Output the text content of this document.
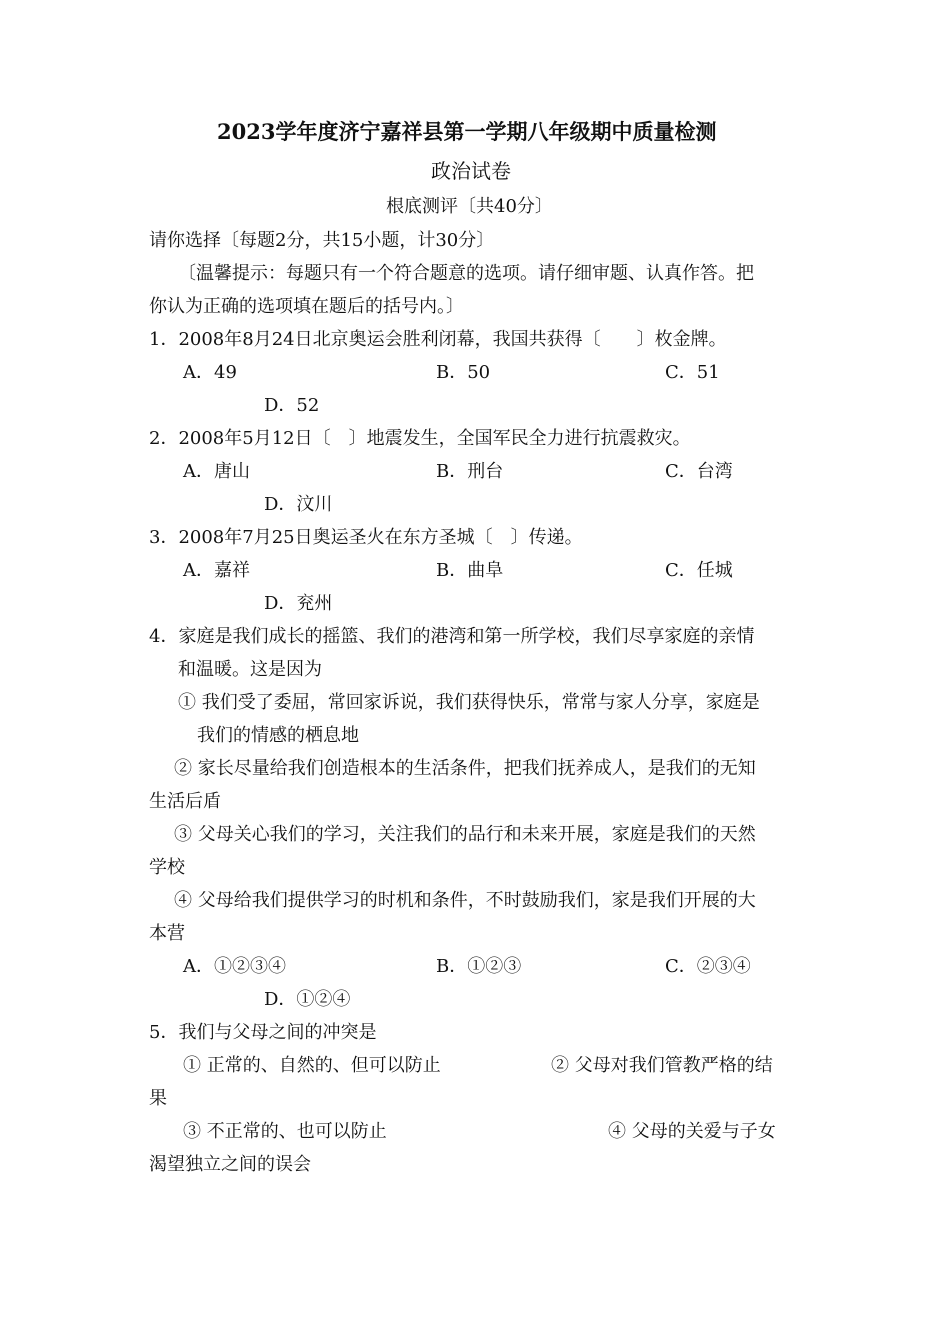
2023学年度济宁嘉祥县第一学期八年级期中质量检测
政治试卷
根底测评〔共40分〕
请你选择〔每题2分，共15小题，计30分〕
〔温馨提示：每题只有一个符合题意的选项。请仔细审题、认真作答。把
你认为正确的选项填在题后的括号内。〕
1．2008年8月24日北京奥运会胜利闭幕，我国共获得〔　　〕枚金牌。
A．49	B．50	C．51
D．52
2．2008年5月12日〔　〕地震发生，全国军民全力进行抗震救灾。
A．唐山	B．刑台	C．台湾
D．汶川
3．2008年7月25日奥运圣火在东方圣城〔　〕传递。
A．嘉祥	B．曲阜	C．任城
D．兖州
4．家庭是我们成长的摇篮、我们的港湾和第一所学校，我们尽享家庭的亲情
和温暖。这是因为
① 我们受了委屈，常回家诉说，我们获得快乐，常常与家人分享，家庭是
我们的情感的栖息地
② 家长尽量给我们创造根本的生活条件，把我们抚养成人，是我们的无知
生活后盾
③ 父母关心我们的学习，关注我们的品行和未来开展，家庭是我们的天然
学校
④ 父母给我们提供学习的时机和条件，不时鼓励我们，家是我们开展的大
本营
A．①②③④	B．①②③	C．②③④
D．①②④
5．我们与父母之间的冲突是
① 正常的、自然的、但可以防止	② 父母对我们管教严格的结
果
③ 不正常的、也可以防止	④ 父母的关爱与子女
渴望独立之间的误会
